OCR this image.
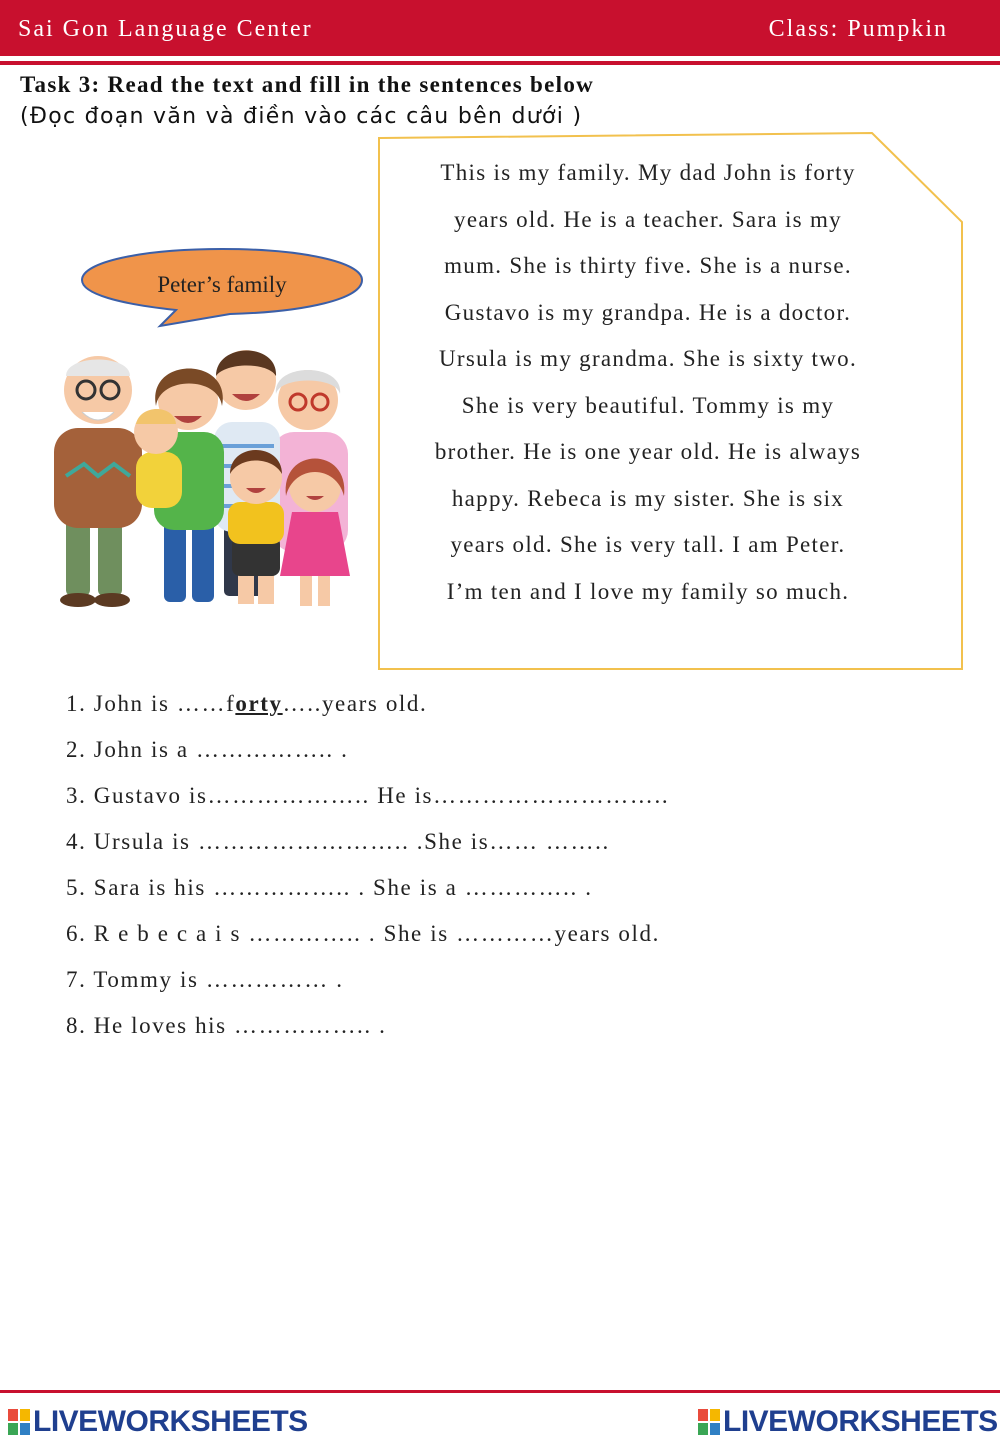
Sai Gon Language Center	Class: Pumpkin
Task 3: Read the text and fill in the sentences below
(Đọc đoạn văn và điền vào các câu bên dưới )
Peter’s family
This is my family. My dad John is forty
years old. He is a teacher. Sara is my
mum. She is thirty five. She is a nurse.
Gustavo is my grandpa. He is a doctor.
Ursula is my grandma. She is sixty two.
She is very beautiful. Tommy is my
brother. He is one year old. He is always
happy. Rebeca is my sister. She is six
years old. She is very tall. I am Peter.
I’m ten and I love my family so much.
1. John is ……forty…..years old.
2. John is a …………….. .
3. Gustavo is……………….. He is………………………..
4. Ursula is …………………….. .She is…… ……..
5. Sara is his …………….. . She is a ………….. .
6. R e b e c a i s ………….. . She is …………years old.
7. Tommy is …………… .
8. He loves his …………….. .
LIVEWORKSHEETS	LIVEWORKSHEETS
